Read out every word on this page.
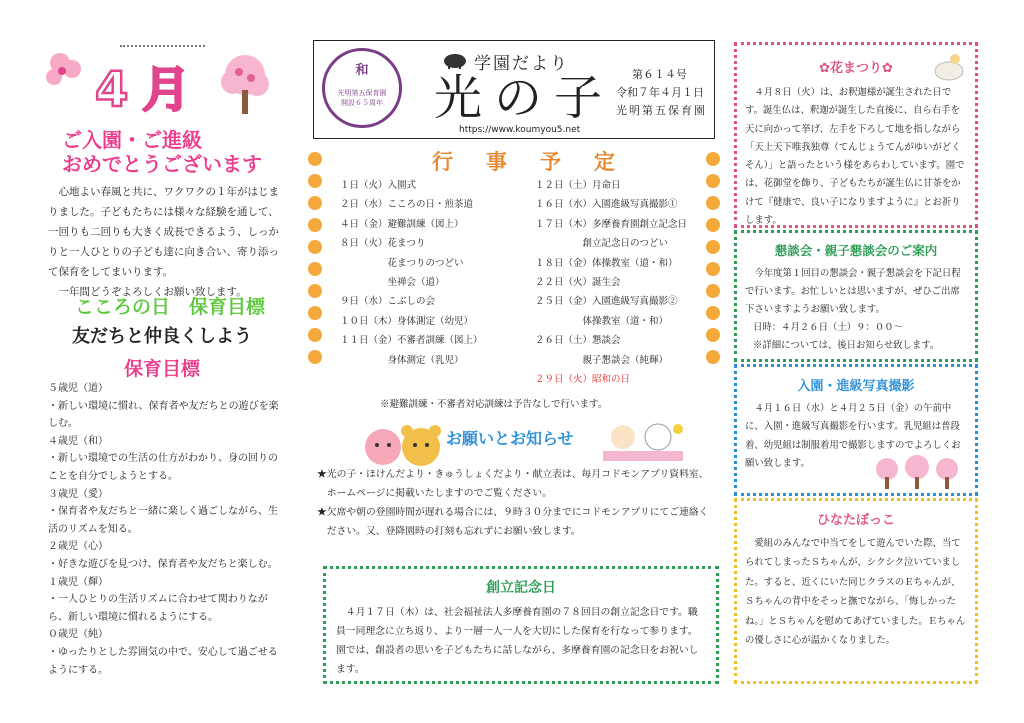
4月
ご入園・ご進級
おめでとうございます

心地よい春風と共に、ワクワクの１年がはじまりました。子どもたちには様々な経験を通して、一回りも二回りも大きく成長できるよう、しっかりと一人ひとりの子ども達に向き合い、寄り添って保育をしてまいります。

一年間どうぞよろしくお願い致します。

こころの日　保育目標
友だちと仲良くしよう
保育目標
５歳児（道）
・新しい環境に慣れ、保育者や友だちとの遊びを楽しむ。
４歳児（和）
・新しい環境での生活の仕方がわかり、身の回りのことを自分でしようとする。
３歳児（愛）
・保育者や友だちと一緒に楽しく過ごしながら、生活のリズムを知る。
２歳児（心）
・好きな遊びを見つけ、保育者や友だちと楽しむ。
１歳児（輝）
・一人ひとりの生活リズムに合わせて関わりながら、新しい環境に慣れるようにする。
０歳児（純）
・ゆったりとした雰囲気の中で、安心して過ごせるようにする。
和
光明第五保育園
開設６５周年
学園だより
光の子 第６１４号
令和７年４月１日
光明第五保育園
https://www.koumyou5.net
行　事　予　定
１日（火）入園式
２日（水）こころの日・煎茶道
４日（金）避難訓練（図上）
８日（火）花まつり
　　　　　花まつりのつどい
　　　　　坐禅会（道）
９日（水）こぶしの会
１０日（木）身体測定（幼児）
１１日（金）不審者訓練（図上）
　　　　　身体測定（乳児）
１２日（土）月命日
１６日（水）入園進級写真撮影①
１７日（木）多摩養育園創立記念日
　　　　　創立記念日のつどい
１８日（金）体操教室（道・和）
２２日（火）誕生会
２５日（金）入園進級写真撮影②
　　　　　体操教室（道・和）
２６日（土）懇談会
　　　　　親子懇談会（純輝）
２９日（火）昭和の日
※避難訓練・不審者対応訓練は予告なしで行います。
お願いとお知らせ

★光の子・ほけんだより・きゅうしょくだより・献立表は、毎月コドモンアプリ資料室、ホームページに掲載いたしますのでご覧ください。

★欠席や朝の登園時間が遅れる場合には、９時３０分までにコドモンアプリにてご連絡ください。又、登降園時の打刻も忘れずにお願い致します。

創立記念日

４月１７日（木）は、社会福祉法人多摩養育園の７８回目の創立記念日です。職員一同理念に立ち返り、より一層一人一人を大切にした保育を行なって参ります。園では、創設者の思いを子どもたちに話しながら、多摩養育園の記念日をお祝いします。

✿花まつり✿

４月８日（火）は、お釈迦様が誕生された日です。誕生仏は、釈迦が誕生した直後に、自ら右手を天に向かって挙げ、左手を下ろして地を指しながら「天上天下唯我独尊（てんじょうてんがゆいがどくそん）」と語ったという様をあらわしています。園では、花御堂を飾り、子どもたちが誕生仏に甘茶をかけて『健康で、良い子になりますように』とお祈りします。

懇談会・親子懇談会のご案内

今年度第１回目の懇談会・親子懇談会を下記日程で行います。お忙しいとは思いますが、ぜひご出席下さいますようお願い致します。

日時：４月２６日（土）９：００～

※詳細については、後日お知らせ致します。

入園・進級写真撮影

４月１６日（水）と４月２５日（金）の午前中に、入園・進級写真撮影を行います。乳児組は普段着、幼児組は制服着用で撮影しますのでよろしくお願い致します。

ひなたぼっこ

愛組のみんなで中当てをして遊んでいた際、当てられてしまったＳちゃんが、シクシク泣いていました。すると、近くにいた同じクラスのＥちゃんが、Ｓちゃんの背中をそっと撫でながら、「悔しかったね。」とＳちゃんを慰めてあげていました。Ｅちゃんの優しさに心が温かくなりました。
